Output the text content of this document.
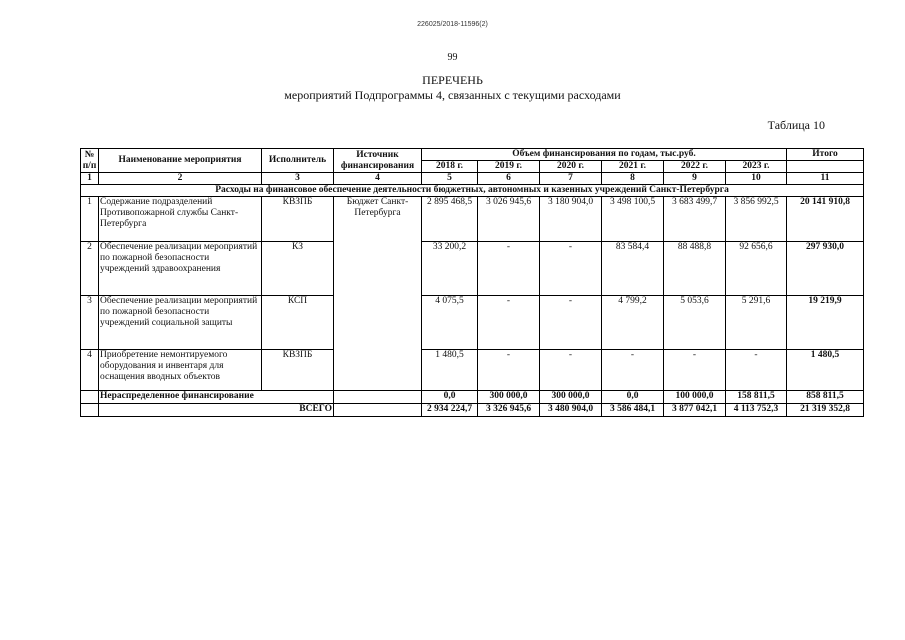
226025/2018-11596(2)
99
ПЕРЕЧЕНЬ
мероприятий Подпрограммы 4, связанных с текущими расходами
Таблица 10
№ п/п	Наименование мероприятия	Исполнитель	Источник финансирования	Объем финансирования по годам, тыс.руб.						Итого
				2018 г.	2019 г.	2020 г.	2021 г.	2022 г.	2023 г.	
1	2	3	4	5	6	7	8	9	10	11
Расходы на финансовое обеспечение деятельности бюджетных, автономных и казенных учреждений Санкт-Петербурга										
1	Содержание подразделений Противопожарной службы Санкт-Петербурга	КВЗПБ	Бюджет Санкт-Петербурга	2 895 468,5	3 026 945,6	3 180 904,0	3 498 100,5	3 683 499,7	3 856 992,5	20 141 910,8
2	Обеспечение реализации мероприятий по пожарной безопасности учреждений здравоохранения	КЗ		33 200,2	-	-	83 584,4	88 488,8	92 656,6	297 930,0
3	Обеспечение реализации мероприятий по пожарной безопасности учреждений социальной защиты	КСП		4 075,5	-	-	4 799,2	5 053,6	5 291,6	19 219,9
4	Приобретение немонтируемого оборудования и инвентаря для оснащения вводных объектов	КВЗПБ		1 480,5	-	-	-	-	-	1 480,5
	Нераспределенное финансирование			0,0	300 000,0	300 000,0	0,0	100 000,0	158 811,5	858 811,5
	ВСЕГО			2 934 224,7	3 326 945,6	3 480 904,0	3 586 484,1	3 877 042,1	4 113 752,3	21 319 352,8
